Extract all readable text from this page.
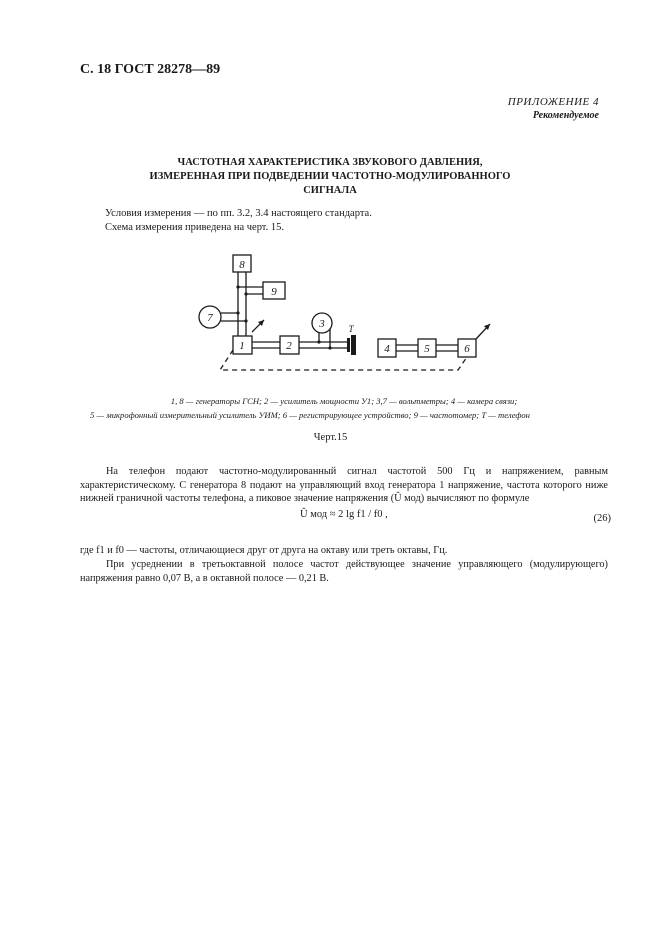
С. 18 ГОСТ 28278—89
ПРИЛОЖЕНИЕ 4
Рекомендуемое
ЧАСТОТНАЯ ХАРАКТЕРИСТИКА ЗВУКОВОГО ДАВЛЕНИЯ,
ИЗМЕРЕННАЯ ПРИ ПОДВЕДЕНИИ ЧАСТОТНО-МОДУЛИРОВАННОГО
СИГНАЛА
Условия измерения — по пп. 3.2, 3.4 настоящего стандарта.
Схема измерения приведена на черт. 15.
8
9
7
1	2
3
4	5	6
Т
1, 8 — генераторы ГСН; 2 — усилитель мощности У1; 3,7 — вольтметры; 4 — камера связи;
5 — микрофонный измерительный усилитель УИМ; 6 — регистрирующее устройство; 9 — частотомер; Т — телефон
Черт.15
На телефон подают частотно-модулированный сигнал частотой 500 Гц и напряжением, равным характеристическому. С генератора 8 подают на управляющий вход генератора 1 напряжение, частота которого ниже нижней граничной частоты телефона, а пиковое значение напряжения (Û мод) вычисляют по формуле
Û мод ≈ 2 lg f1 / f0 ,	(26)
где f1 и f0 — частоты, отличающиеся друг от друга на октаву или треть октавы, Гц.
При усреднении в третьоктавной полосе частот действующее значение управляющего (модулирующего) напряжения равно 0,07 В, а в октавной полосе — 0,21 В.
